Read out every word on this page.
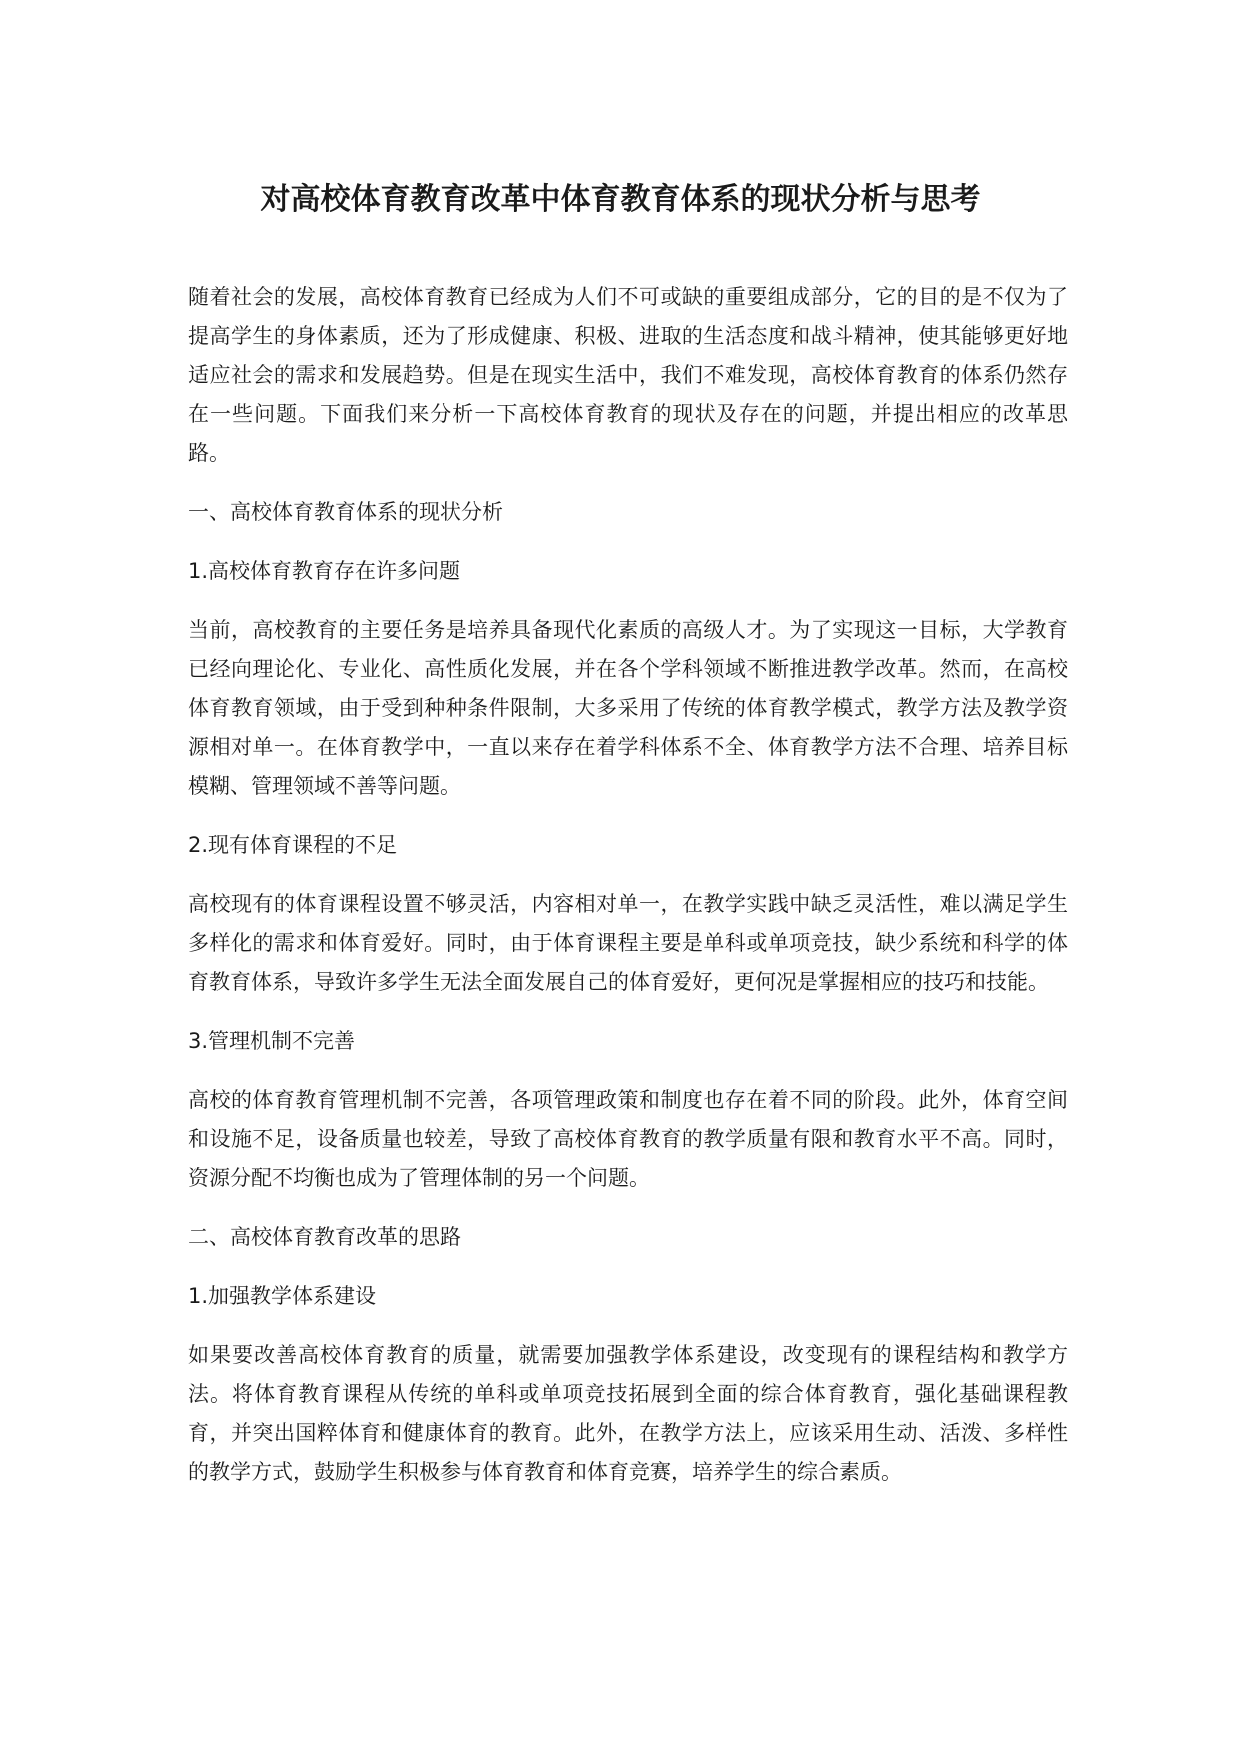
对高校体育教育改革中体育教育体系的现状分析与思考

随着社会的发展，高校体育教育已经成为人们不可或缺的重要组成部分，它的目的是不仅为了提高学生的身体素质，还为了形成健康、积极、进取的生活态度和战斗精神，使其能够更好地适应社会的需求和发展趋势。但是在现实生活中，我们不难发现，高校体育教育的体系仍然存在一些问题。下面我们来分析一下高校体育教育的现状及存在的问题，并提出相应的改革思路。

一、高校体育教育体系的现状分析

1.高校体育教育存在许多问题

当前，高校教育的主要任务是培养具备现代化素质的高级人才。为了实现这一目标，大学教育已经向理论化、专业化、高性质化发展，并在各个学科领域不断推进教学改革。然而，在高校体育教育领域，由于受到种种条件限制，大多采用了传统的体育教学模式，教学方法及教学资源相对单一。在体育教学中，一直以来存在着学科体系不全、体育教学方法不合理、培养目标模糊、管理领域不善等问题。

2.现有体育课程的不足

高校现有的体育课程设置不够灵活，内容相对单一，在教学实践中缺乏灵活性，难以满足学生多样化的需求和体育爱好。同时，由于体育课程主要是单科或单项竞技，缺少系统和科学的体育教育体系，导致许多学生无法全面发展自己的体育爱好，更何况是掌握相应的技巧和技能。

3.管理机制不完善

高校的体育教育管理机制不完善，各项管理政策和制度也存在着不同的阶段。此外，体育空间和设施不足，设备质量也较差，导致了高校体育教育的教学质量有限和教育水平不高。同时，资源分配不均衡也成为了管理体制的另一个问题。

二、高校体育教育改革的思路

1.加强教学体系建设

如果要改善高校体育教育的质量，就需要加强教学体系建设，改变现有的课程结构和教学方法。将体育教育课程从传统的单科或单项竞技拓展到全面的综合体育教育，强化基础课程教育，并突出国粹体育和健康体育的教育。此外，在教学方法上，应该采用生动、活泼、多样性的教学方式，鼓励学生积极参与体育教育和体育竞赛，培养学生的综合素质。
